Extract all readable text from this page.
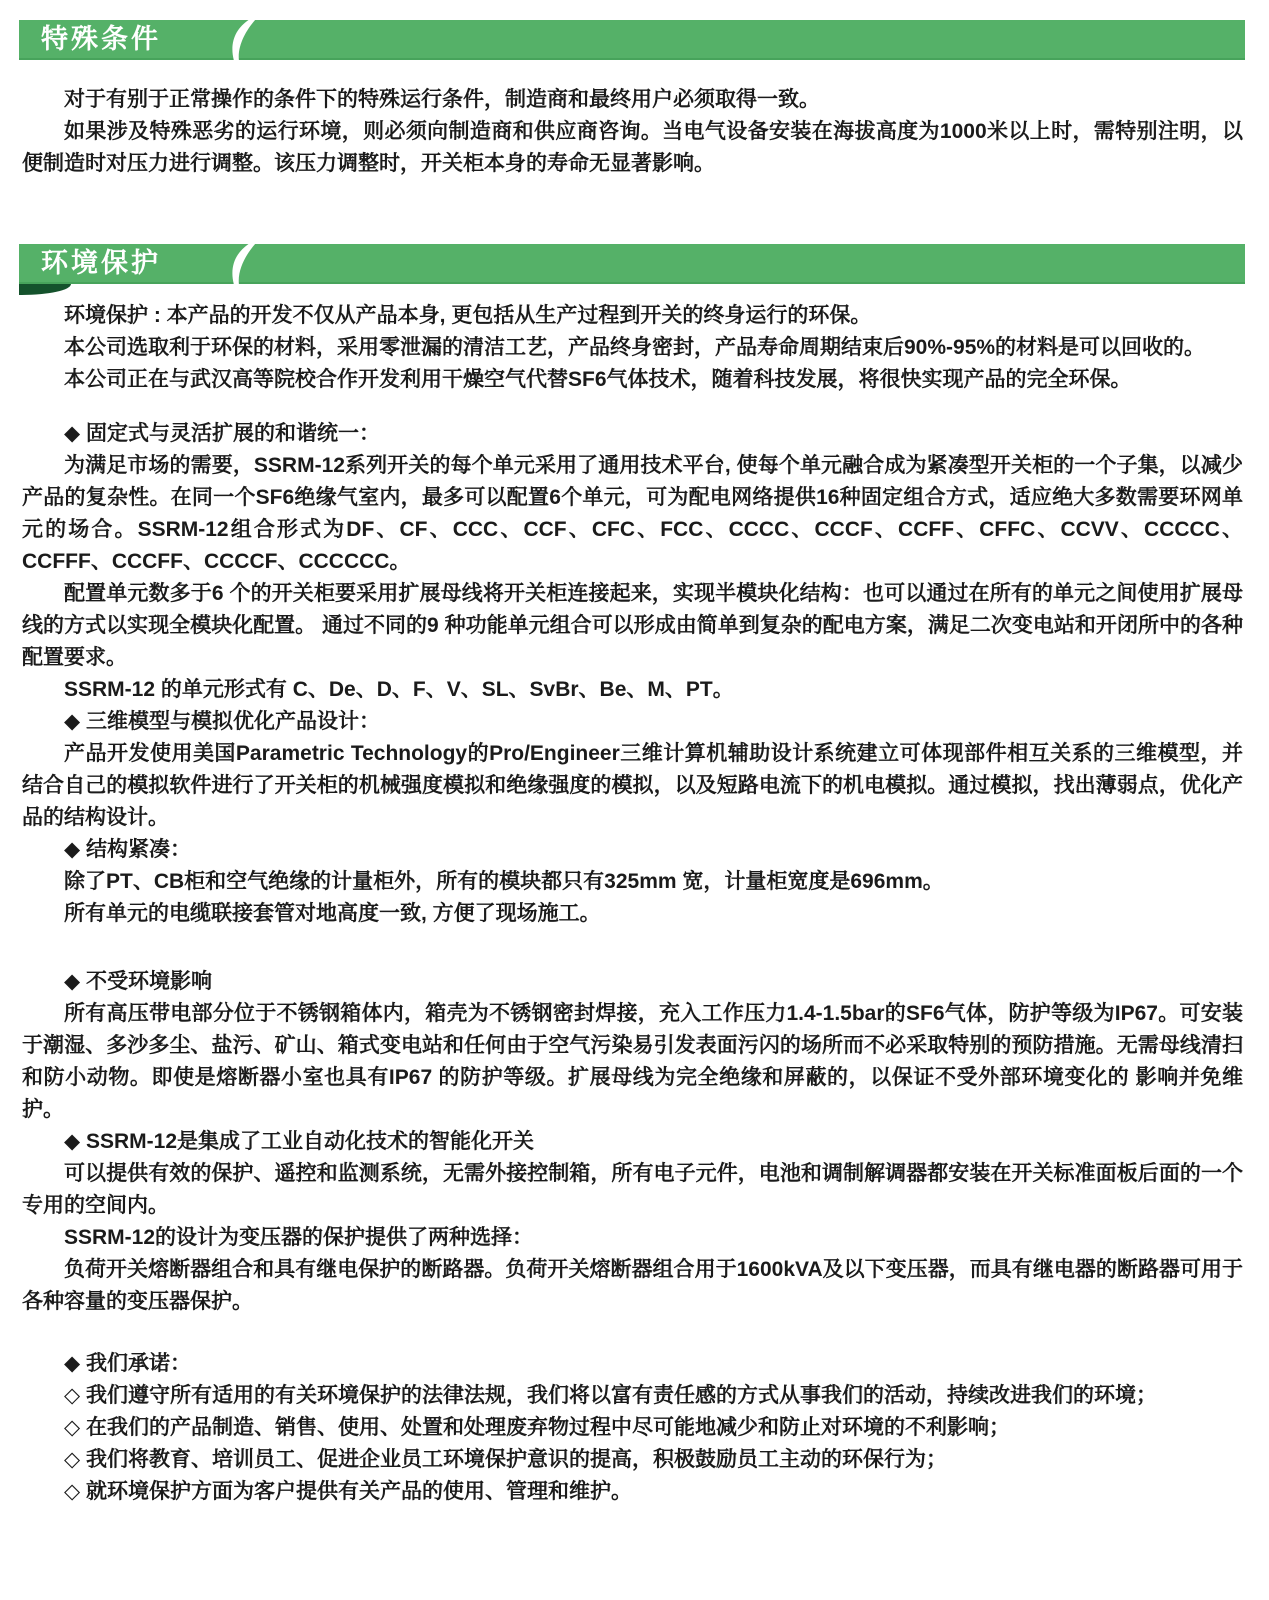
特殊条件

对于有别于正常操作的条件下的特殊运行条件，制造商和最终用户必须取得一致。

如果涉及特殊恶劣的运行环境，则必须向制造商和供应商咨询。当电气设备安装在海拔高度为1000米以上时，需特别注明，以便制造时对压力进行调整。该压力调整时，开关柜本身的寿命无显著影响。

环境保护

环境保护 : 本产品的开发不仅从产品本身, 更包括从生产过程到开关的终身运行的环保。

本公司选取利于环保的材料，采用零泄漏的清洁工艺，产品终身密封，产品寿命周期结束后90%-95%的材料是可以回收的。

本公司正在与武汉高等院校合作开发利用干燥空气代替SF6气体技术，随着科技发展，将很快实现产品的完全环保。

◆ 固定式与灵活扩展的和谐统一：

为满足市场的需要，SSRM-12系列开关的每个单元采用了通用技术平台, 使每个单元融合成为紧凑型开关柜的一个子集，以减少产品的复杂性。在同一个SF6绝缘气室内，最多可以配置6个单元，可为配电网络提供16种固定组合方式，适应绝大多数需要环网单元的场合。SSRM-12组合形式为DF、CF、CCC、CCF、CFC、FCC、CCCC、CCCF、CCFF、CFFC、CCVV、CCCCC、CCFFF、CCCFF、CCCCF、CCCCCC。

配置单元数多于6 个的开关柜要采用扩展母线将开关柜连接起来，实现半模块化结构：也可以通过在所有的单元之间使用扩展母线的方式以实现全模块化配置。 通过不同的9 种功能单元组合可以形成由简单到复杂的配电方案，满足二次变电站和开闭所中的各种配置要求。

SSRM-12 的单元形式有 C、De、D、F、V、SL、SvBr、Be、M、PT。

◆ 三维模型与模拟优化产品设计：

产品开发使用美国Parametric Technology的Pro/Engineer三维计算机辅助设计系统建立可体现部件相互关系的三维模型，并结合自己的模拟软件进行了开关柜的机械强度模拟和绝缘强度的模拟，以及短路电流下的机电模拟。通过模拟，找出薄弱点，优化产品的结构设计。

◆ 结构紧凑：

除了PT、CB柜和空气绝缘的计量柜外，所有的模块都只有325mm 宽，计量柜宽度是696mm。

所有单元的电缆联接套管对地高度一致, 方便了现场施工。

◆ 不受环境影响

所有高压带电部分位于不锈钢箱体内，箱壳为不锈钢密封焊接，充入工作压力1.4-1.5bar的SF6气体，防护等级为IP67。可安装于潮湿、多沙多尘、盐污、矿山、箱式变电站和任何由于空气污染易引发表面污闪的场所而不必采取特别的预防措施。无需母线清扫和防小动物。即使是熔断器小室也具有IP67 的防护等级。扩展母线为完全绝缘和屏蔽的，以保证不受外部环境变化的 影响并免维护。

◆ SSRM-12是集成了工业自动化技术的智能化开关

可以提供有效的保护、遥控和监测系统，无需外接控制箱，所有电子元件，电池和调制解调器都安装在开关标准面板后面的一个专用的空间内。

SSRM-12的设计为变压器的保护提供了两种选择：

负荷开关熔断器组合和具有继电保护的断路器。负荷开关熔断器组合用于1600kVA及以下变压器，而具有继电器的断路器可用于各种容量的变压器保护。

◆ 我们承诺：

◇ 我们遵守所有适用的有关环境保护的法律法规，我们将以富有责任感的方式从事我们的活动，持续改进我们的环境；

◇ 在我们的产品制造、销售、使用、处置和处理废弃物过程中尽可能地减少和防止对环境的不利影响；

◇ 我们将教育、培训员工、促进企业员工环境保护意识的提高，积极鼓励员工主动的环保行为；

◇ 就环境保护方面为客户提供有关产品的使用、管理和维护。
